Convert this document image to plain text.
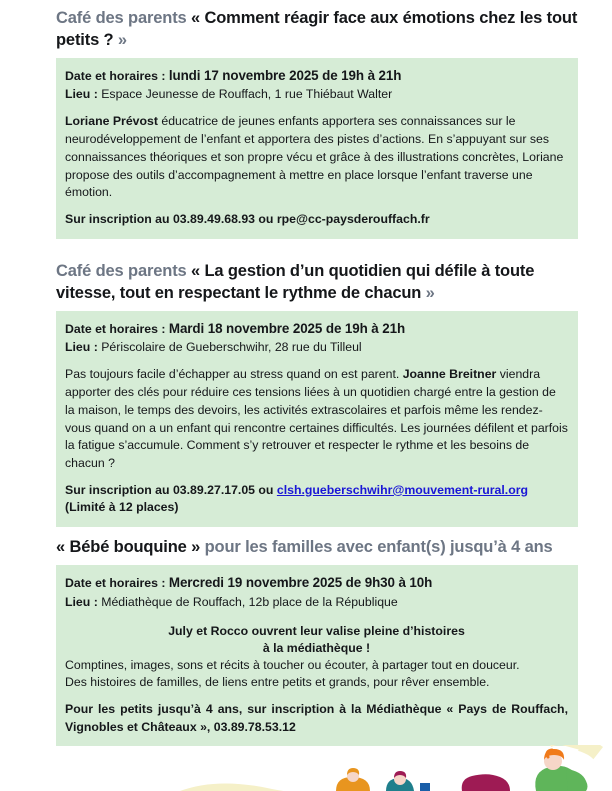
Café des parents « Comment réagir face aux émotions chez les tout petits ? »

Date et horaires : lundi 17 novembre 2025 de 19h à 21h

Lieu : Espace Jeunesse de Rouffach, 1 rue Thiébaut Walter

Loriane Prévost éducatrice de jeunes enfants apportera ses connaissances sur le neurodéveloppement de l’enfant et apportera des pistes d’actions. En s’appuyant sur ses connaissances théoriques et son propre vécu et grâce à des illustrations concrètes, Loriane propose des outils d’accompagnement à mettre en place lorsque l’enfant traverse une émotion.

Sur inscription au 03.89.49.68.93 ou rpe@cc-paysderouffach.fr

Café des parents « La gestion d’un quotidien qui défile à toute vitesse, tout en respectant le rythme de chacun »

Date et horaires : Mardi 18 novembre 2025 de 19h à 21h

Lieu : Périscolaire de Gueberschwihr, 28 rue du Tilleul

Pas toujours facile d’échapper au stress quand on est parent. Joanne Breitner viendra apporter des clés pour réduire ces tensions liées à un quotidien chargé entre la gestion de la maison, le temps des devoirs, les activités extrascolaires et parfois même les rendez-vous quand on a un enfant qui rencontre certaines difficultés. Les journées défilent et parfois la fatigue s’accumule. Comment s’y retrouver et respecter le rythme et les besoins de chacun ?

Sur inscription au 03.89.27.17.05 ou clsh.gueberschwihr@mouvement-rural.org (Limité à 12 places)

« Bébé bouquine » pour les familles avec enfant(s) jusqu’à 4 ans

Date et horaires : Mercredi 19 novembre 2025 de 9h30 à 10h

Lieu : Médiathèque de Rouffach, 12b place de la République

July et Rocco ouvrent leur valise pleine d’histoires
à la médiathèque !

Comptines, images, sons et récits à toucher ou écouter, à partager tout en douceur.

Des histoires de familles, de liens entre petits et grands, pour rêver ensemble.

Pour les petits jusqu’à 4 ans, sur inscription à la Médiathèque « Pays de Rouffach, Vignobles et Châteaux », 03.89.78.53.12
